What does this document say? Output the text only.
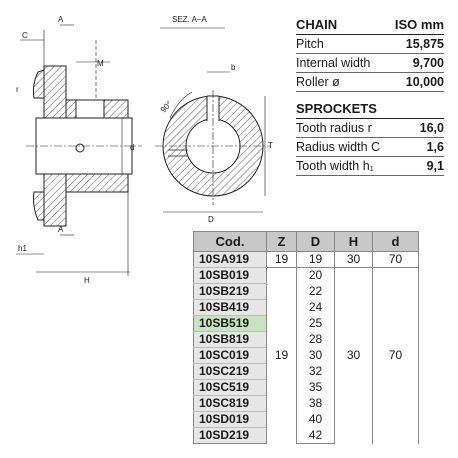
A
C
M
r
d
A
h1
H
SEZ. A–A
b
90°
T
D
CHAIN	ISO mm
Pitch	15,875
Internal width	9,700
Roller ø	10,000
SPROCKETS
Tooth radius r	16,0
Radius width C	1,6
Tooth width h₁	9,1
Cod.	Z	D	H	d
10SA919	19	19	30	70
10SB019	19	20	30	70
10SB219		22		
10SB419		24		
10SB519		25		
10SB819		28		
10SC019		30		
10SC219		32		
10SC519		35		
10SC819		38		
10SD019		40		
10SD219		42		
